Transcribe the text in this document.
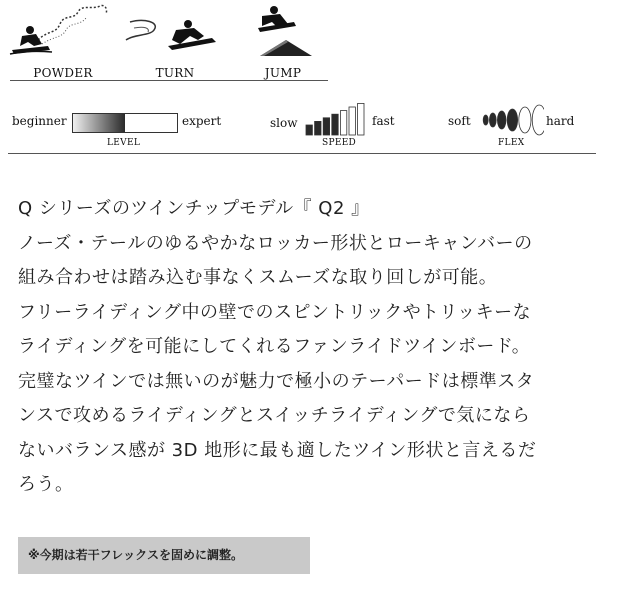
POWDER	TURN	JUMP
beginner	expert
LEVEL
slow	fast
SPEED
soft	hard
FLEX
Q シリーズのツインチップモデル『 Q2 』
ノーズ・テールのゆるやかなロッカー形状とローキャンバーの
組み合わせは踏み込む事なくスムーズな取り回しが可能。
フリーライディング中の壁でのスピントリックやトリッキーな
ライディングを可能にしてくれるファンライドツインボード。
完璧なツインでは無いのが魅力で極小のテーパードは標準スタ
ンスで攻めるライディングとスイッチライディングで気になら
ないバランス感が 3D 地形に最も適したツイン形状と言えるだ
ろう。
※今期は若干フレックスを固めに調整。
